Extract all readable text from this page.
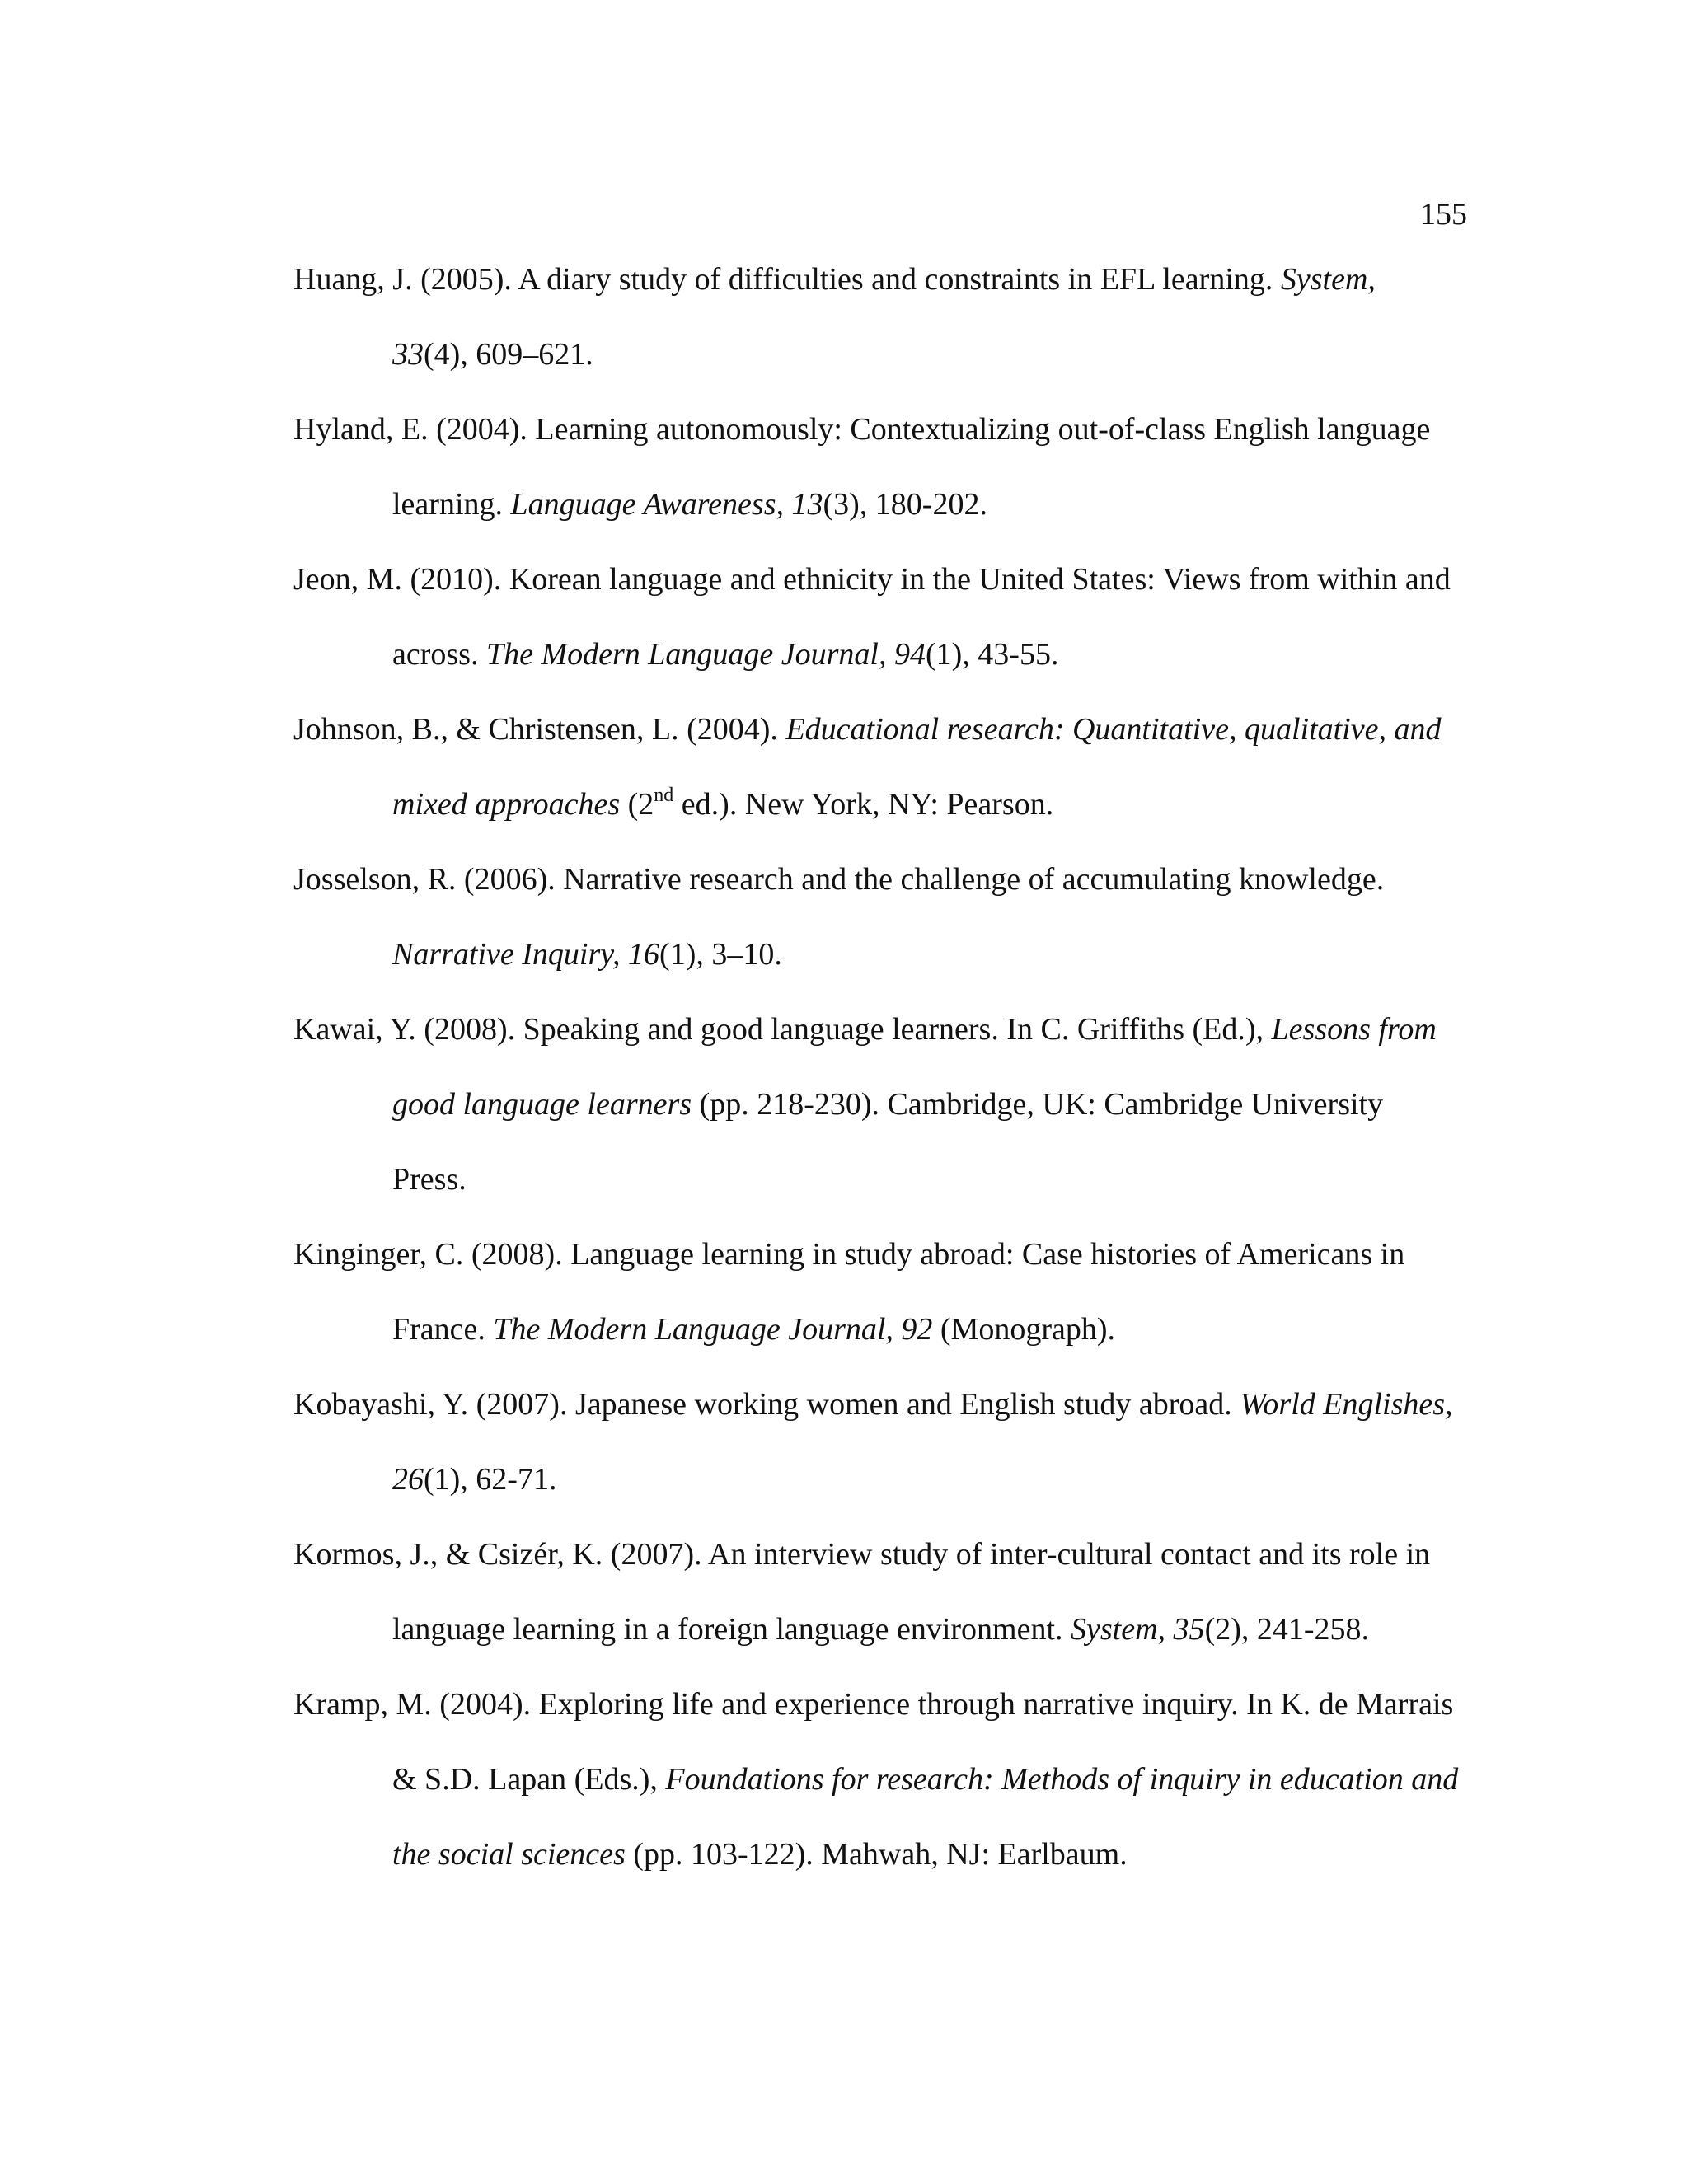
155
Huang, J. (2005). A diary study of difficulties and constraints in EFL learning. System,
33(4), 609–621.
Hyland, E. (2004). Learning autonomously: Contextualizing out-of-class English language learning. Language Awareness, 13(3), 180-202.
Jeon, M. (2010). Korean language and ethnicity in the United States: Views from within and across. The Modern Language Journal, 94(1), 43-55.
Johnson, B., & Christensen, L. (2004). Educational research: Quantitative, qualitative, and mixed approaches (2nd ed.). New York, NY: Pearson.
Josselson, R. (2006). Narrative research and the challenge of accumulating knowledge. Narrative Inquiry, 16(1), 3–10.
Kawai, Y. (2008). Speaking and good language learners. In C. Griffiths (Ed.), Lessons from good language learners (pp. 218-230). Cambridge, UK: Cambridge University Press.
Kinginger, C. (2008). Language learning in study abroad: Case histories of Americans in France. The Modern Language Journal, 92 (Monograph).
Kobayashi, Y. (2007). Japanese working women and English study abroad. World Englishes, 26(1), 62-71.
Kormos, J., & Csizér, K. (2007). An interview study of inter-cultural contact and its role in language learning in a foreign language environment. System, 35(2), 241-258.
Kramp, M. (2004). Exploring life and experience through narrative inquiry. In K. de Marrais & S.D. Lapan (Eds.), Foundations for research: Methods of inquiry in education and the social sciences (pp. 103-122). Mahwah, NJ: Earlbaum.
